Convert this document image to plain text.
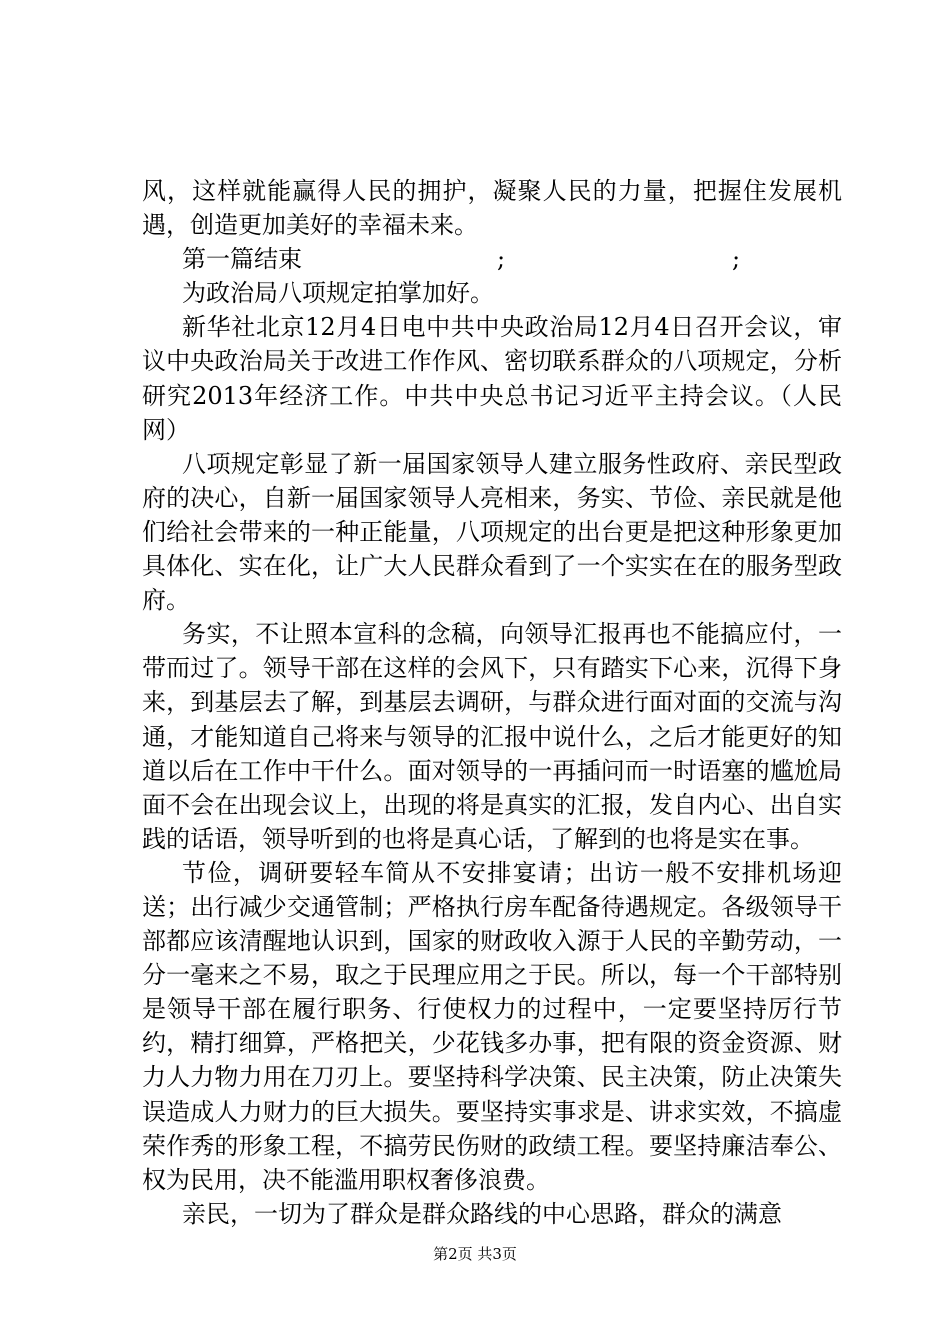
风，这样就能赢得人民的拥护，凝聚人民的力量，把握住发展机遇，创造更加美好的幸福未来。

第一篇结束	;	;

为政治局八项规定拍掌加好。

新华社北京12月4日电中共中央政治局12月4日召开会议，审议中央政治局关于改进工作作风、密切联系群众的八项规定，分析研究2013年经济工作。中共中央总书记习近平主持会议。（人民网）

八项规定彰显了新一届国家领导人建立服务性政府、亲民型政府的决心，自新一届国家领导人亮相来，务实、节俭、亲民就是他们给社会带来的一种正能量，八项规定的出台更是把这种形象更加具体化、实在化，让广大人民群众看到了一个实实在在的服务型政府。

务实，不让照本宣科的念稿，向领导汇报再也不能搞应付，一带而过了。领导干部在这样的会风下，只有踏实下心来，沉得下身来，到基层去了解，到基层去调研，与群众进行面对面的交流与沟通，才能知道自己将来与领导的汇报中说什么，之后才能更好的知道以后在工作中干什么。面对领导的一再插问而一时语塞的尴尬局面不会在出现会议上，出现的将是真实的汇报，发自内心、出自实践的话语，领导听到的也将是真心话，了解到的也将是实在事。

节俭，调研要轻车简从不安排宴请；出访一般不安排机场迎送；出行减少交通管制；严格执行房车配备待遇规定。各级领导干部都应该清醒地认识到，国家的财政收入源于人民的辛勤劳动，一分一毫来之不易，取之于民理应用之于民。所以，每一个干部特别是领导干部在履行职务、行使权力的过程中，一定要坚持厉行节约，精打细算，严格把关，少花钱多办事，把有限的资金资源、财力人力物力用在刀刃上。要坚持科学决策、民主决策，防止决策失误造成人力财力的巨大损失。要坚持实事求是、讲求实效，不搞虚荣作秀的形象工程，不搞劳民伤财的政绩工程。要坚持廉洁奉公、权为民用，决不能滥用职权奢侈浪费。

亲民，一切为了群众是群众路线的中心思路，群众的满意

第2页 共3页
